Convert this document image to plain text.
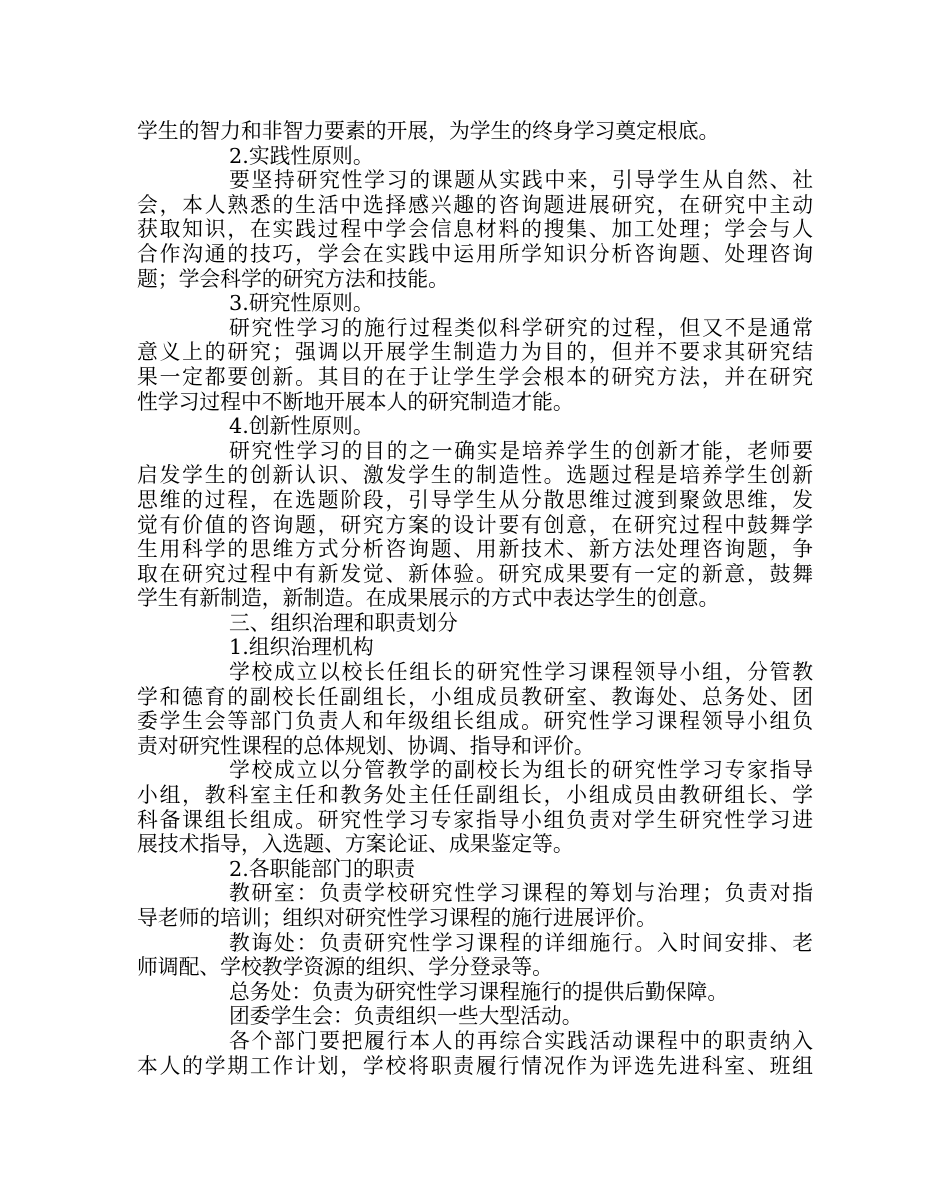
学生的智力和非智力要素的开展，为学生的终身学习奠定根底。
2.实践性原则。
要坚持研究性学习的课题从实践中来，引导学生从自然、社
会，本人熟悉的生活中选择感兴趣的咨询题进展研究，在研究中主动
获取知识，在实践过程中学会信息材料的搜集、加工处理；学会与人
合作沟通的技巧，学会在实践中运用所学知识分析咨询题、处理咨询
题；学会科学的研究方法和技能。
3.研究性原则。
研究性学习的施行过程类似科学研究的过程，但又不是通常
意义上的研究；强调以开展学生制造力为目的，但并不要求其研究结
果一定都要创新。其目的在于让学生学会根本的研究方法，并在研究
性学习过程中不断地开展本人的研究制造才能。
4.创新性原则。
研究性学习的目的之一确实是培养学生的创新才能，老师要
启发学生的创新认识、激发学生的制造性。选题过程是培养学生创新
思维的过程，在选题阶段，引导学生从分散思维过渡到聚敛思维，发
觉有价值的咨询题，研究方案的设计要有创意，在研究过程中鼓舞学
生用科学的思维方式分析咨询题、用新技术、新方法处理咨询题，争
取在研究过程中有新发觉、新体验。研究成果要有一定的新意，鼓舞
学生有新制造，新制造。在成果展示的方式中表达学生的创意。
三、组织治理和职责划分
1.组织治理机构
学校成立以校长任组长的研究性学习课程领导小组，分管教
学和德育的副校长任副组长，小组成员教研室、教诲处、总务处、团
委学生会等部门负责人和年级组长组成。研究性学习课程领导小组负
责对研究性课程的总体规划、协调、指导和评价。
学校成立以分管教学的副校长为组长的研究性学习专家指导
小组，教科室主任和教务处主任任副组长，小组成员由教研组长、学
科备课组长组成。研究性学习专家指导小组负责对学生研究性学习进
展技术指导，入选题、方案论证、成果鉴定等。
2.各职能部门的职责
教研室：负责学校研究性学习课程的筹划与治理；负责对指
导老师的培训；组织对研究性学习课程的施行进展评价。
教诲处：负责研究性学习课程的详细施行。入时间安排、老
师调配、学校教学资源的组织、学分登录等。
总务处：负责为研究性学习课程施行的提供后勤保障。
团委学生会：负责组织一些大型活动。
各个部门要把履行本人的再综合实践活动课程中的职责纳入
本人的学期工作计划，学校将职责履行情况作为评选先进科室、班组
